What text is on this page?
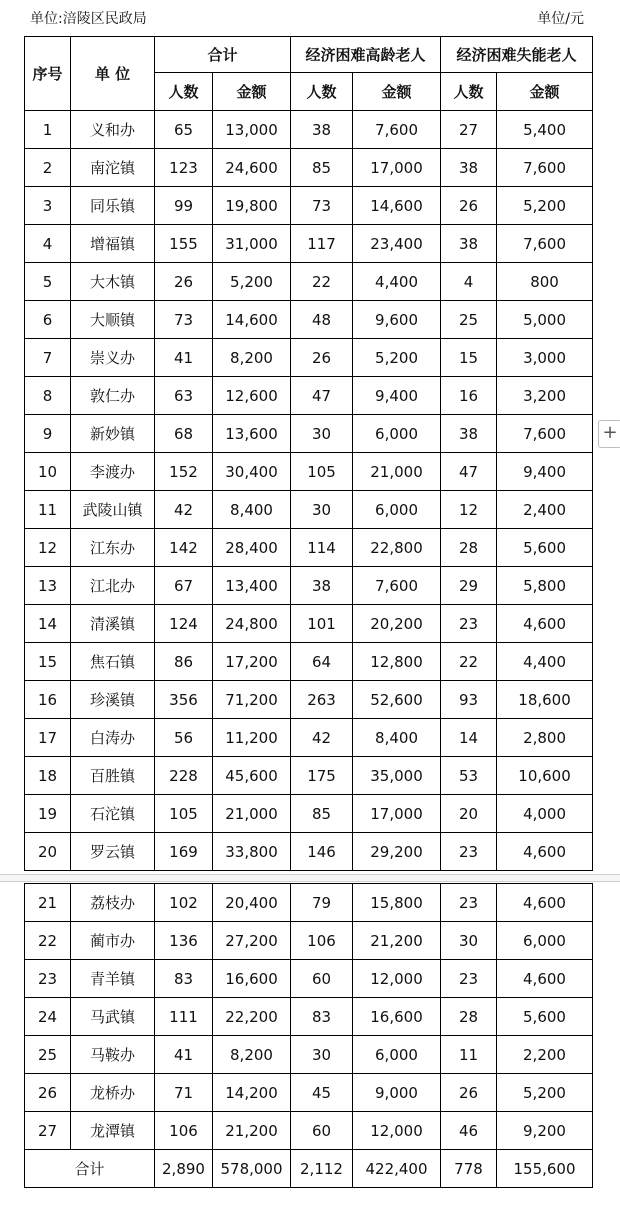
单位:涪陵区民政局	单位/元
序号	单 位	合计		经济困难高龄老人		经济困难失能老人	
		人数	金额	人数	金额	人数	金额
1	义和办	65	13,000	38	7,600	27	5,400
2	南沱镇	123	24,600	85	17,000	38	7,600
3	同乐镇	99	19,800	73	14,600	26	5,200
4	增福镇	155	31,000	117	23,400	38	7,600
5	大木镇	26	5,200	22	4,400	4	800
6	大顺镇	73	14,600	48	9,600	25	5,000
7	崇义办	41	8,200	26	5,200	15	3,000
8	敦仁办	63	12,600	47	9,400	16	3,200
9	新妙镇	68	13,600	30	6,000	38	7,600
10	李渡办	152	30,400	105	21,000	47	9,400
11	武陵山镇	42	8,400	30	6,000	12	2,400
12	江东办	142	28,400	114	22,800	28	5,600
13	江北办	67	13,400	38	7,600	29	5,800
14	清溪镇	124	24,800	101	20,200	23	4,600
15	焦石镇	86	17,200	64	12,800	22	4,400
16	珍溪镇	356	71,200	263	52,600	93	18,600
17	白涛办	56	11,200	42	8,400	14	2,800
18	百胜镇	228	45,600	175	35,000	53	10,600
19	石沱镇	105	21,000	85	17,000	20	4,000
20	罗云镇	169	33,800	146	29,200	23	4,600
21	荔枝办	102	20,400	79	15,800	23	4,600
22	蔺市办	136	27,200	106	21,200	30	6,000
23	青羊镇	83	16,600	60	12,000	23	4,600
24	马武镇	111	22,200	83	16,600	28	5,600
25	马鞍办	41	8,200	30	6,000	11	2,200
26	龙桥办	71	14,200	45	9,000	26	5,200
27	龙潭镇	106	21,200	60	12,000	46	9,200
合计		2,890	578,000	2,112	422,400	778	155,600
+
